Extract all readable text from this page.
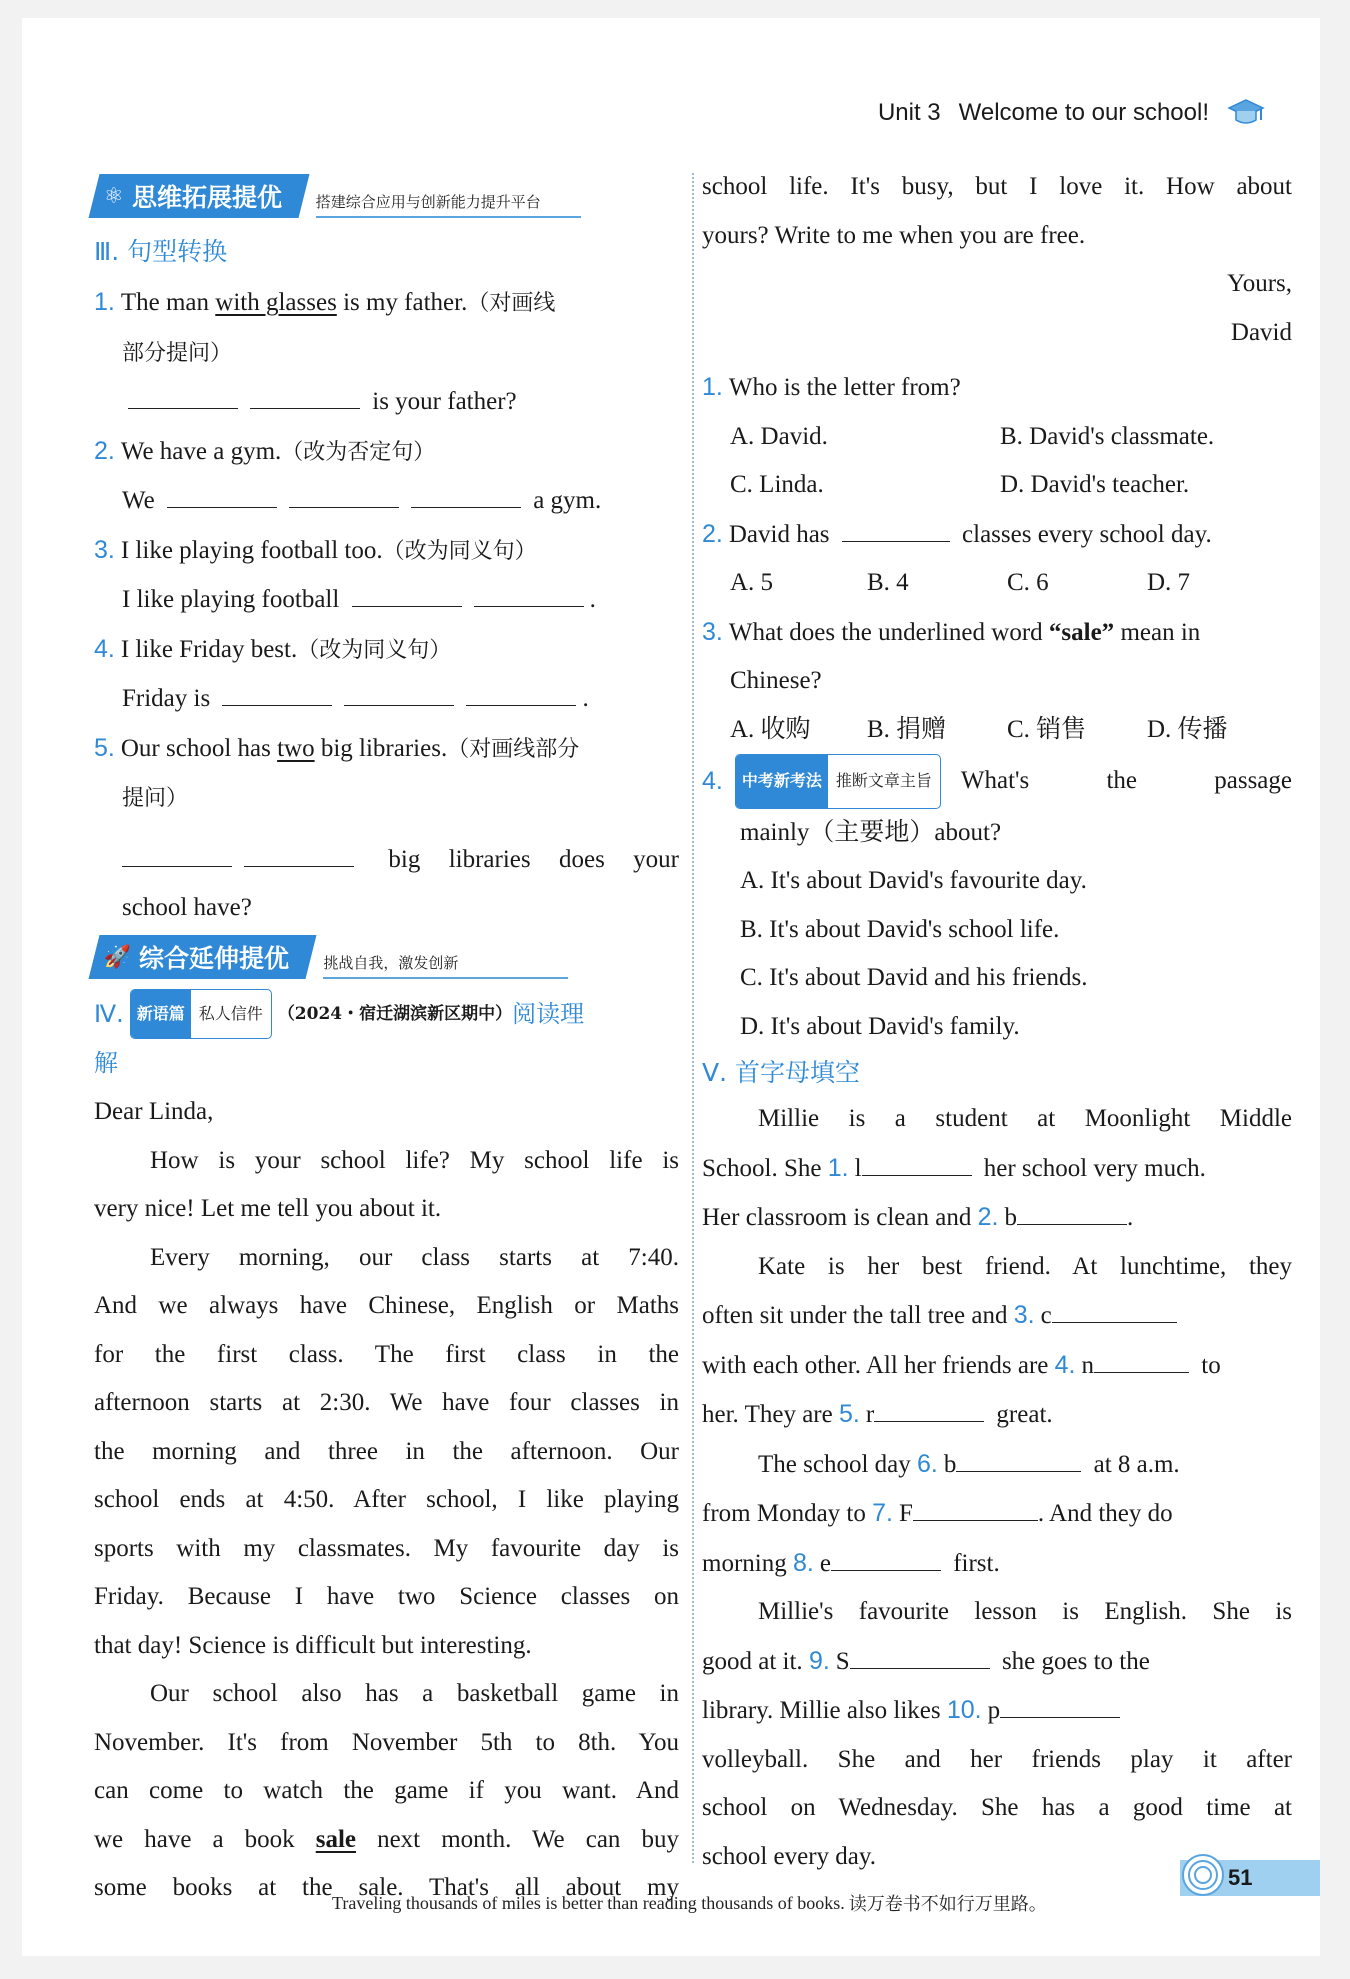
Unit 3 Welcome to our school!
⚛ 思维拓展提优 搭建综合应用与创新能力提升平台
Ⅲ. 句型转换
1. The man with glasses is my father.（对画线
部分提问）
is your father?
2. We have a gym.（改为否定句）
We	a gym.
3. I like playing football too.（改为同义句）
I like playing football	.
4. I like Friday best.（改为同义句）
Friday is	.
5. Our school has two big libraries.（对画线部分
提问）
big libraries does your
school have?
🚀 综合延伸提优 挑战自我，激发创新
Ⅳ. 新语篇 私人信件 （2024・宿迁湖滨新区期中） 阅读理
解
Dear Linda,
How is your school life? My school life is
very nice! Let me tell you about it.
Every morning, our class starts at 7:40.
And we always have Chinese, English or Maths
for the first class. The first class in the
afternoon starts at 2:30. We have four classes in
the morning and three in the afternoon. Our
school ends at 4:50. After school, I like playing
sports with my classmates. My favourite day is
Friday. Because I have two Science classes on
that day! Science is difficult but interesting.
Our school also has a basketball game in
November. It's from November 5th to 8th. You
can come to watch the game if you want. And
we have a book sale next month. We can buy
some books at the sale. That's all about my
school life. It's busy, but I love it. How about
yours? Write to me when you are free.
Yours,
David
1. Who is the letter from?
A. David.	B. David's classmate.
C. Linda.	D. David's teacher.
2. David has	classes every school day.
A. 5	B. 4	C. 6	D. 7
3. What does the underlined word “sale” mean in
Chinese?
A. 收购	B. 捐赠	C. 销售	D. 传播
4.	中考新考法 推断文章主旨	What's the passage
mainly（主要地）about?
A. It's about David's favourite day.
B. It's about David's school life.
C. It's about David and his friends.
D. It's about David's family.
Ⅴ. 首字母填空
Millie is a student at Moonlight Middle
School. She 1. l	her school very much.
Her classroom is clean and 2. b	.
Kate is her best friend. At lunchtime, they
often sit under the tall tree and 3. c
with each other. All her friends are 4. n	to
her. They are 5. r	great.
The school day 6. b	at 8 a.m.
from Monday to 7. F	. And they do
morning 8. e	first.
Millie's favourite lesson is English. She is
good at it. 9. S	she goes to the
library. Millie also likes 10. p
volleyball. She and her friends play it after
school on Wednesday. She has a good time at
school every day.
Traveling thousands of miles is better than reading thousands of books. 读万卷书不如行万里路。
51
